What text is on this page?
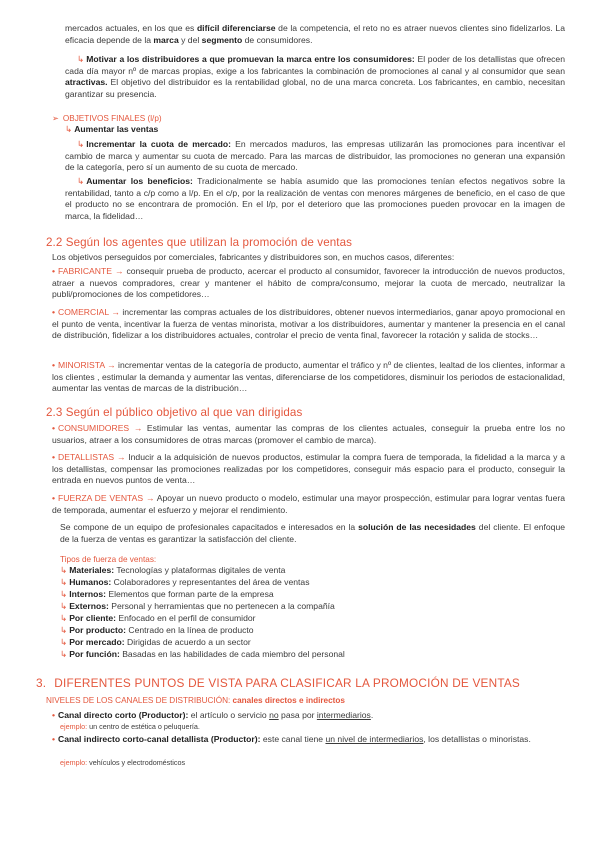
mercados actuales, en los que es difícil diferenciarse de la competencia, el reto no es atraer nuevos clientes sino fidelizarlos. La eficacia depende de la marca y del segmento de consumidores.

↳ Motivar a los distribuidores a que promuevan la marca entre los consumidores: El poder de los detallistas que ofrecen cada día mayor nº de marcas propias, exige a los fabricantes la combinación de promociones al canal y al consumidor que sean atractivas. El objetivo del distribuidor es la rentabilidad global, no de una marca concreta. Los fabricantes, en cambio, necesitan garantizar su presencia.

➢ OBJETIVOS FINALES (l/p)

↳ Aumentar las ventas

↳ Incrementar la cuota de mercado: En mercados maduros, las empresas utilizarán las promociones para incentivar el cambio de marca y aumentar su cuota de mercado. Para las marcas de distribuidor, las promociones no generan una expansión de la categoría, pero sí un aumento de su cuota de mercado.

↳ Aumentar los beneficios: Tradicionalmente se había asumido que las promociones tenían efectos negativos sobre la rentabilidad, tanto a c/p como a l/p. En el c/p, por la realización de ventas con menores márgenes de beneficio, en el caso de que el producto no se encontrara de promoción. En el l/p, por el deterioro que las promociones pueden provocar en la imagen de marca, la fidelidad…

2.2 Según los agentes que utilizan la promoción de ventas

Los objetivos perseguidos por comerciales, fabricantes y distribuidores son, en muchos casos, diferentes:

• FABRICANTE → consequir prueba de producto, acercar el producto al consumidor, favorecer la introducción de nuevos productos, atraer a nuevos compradores, crear y mantener el hábito de compra/consumo, mejorar la cuota de mercado, neutralizar la publi/promociones de los competidores…

• COMERCIAL → incrementar las compras actuales de los distribuidores, obtener nuevos intermediarios, ganar apoyo promocional en el punto de venta, incentivar la fuerza de ventas minorista, motivar a los distribuidores, aumentar y mantener la presencia en el canal de distribución, fidelizar a los distribuidores actuales, controlar el precio de venta final, favorecer la rotación y salida de stocks…

• MINORISTA → incrementar ventas de la categoría de producto, aumentar el tráfico y nº de clientes, lealtad de los clientes, informar a los clientes , estimular la demanda y aumentar las ventas, diferenciarse de los competidores, disminuir los periodos de estacionalidad, aumentar las ventas de marcas de la distribución…

2.3 Según el público objetivo al que van dirigidas

• CONSUMIDORES → Estimular las ventas, aumentar las compras de los clientes actuales, conseguir la prueba entre los no usuarios, atraer a los consumidores de otras marcas (promover el cambio de marca).

• DETALLISTAS → Inducir a la adquisición de nuevos productos, estimular la compra fuera de temporada, la fidelidad a la marca y a los detallistas, compensar las promociones realizadas por los competidores, conseguir más espacio para el producto, conseguir la entrada en nuevos puntos de venta…

• FUERZA DE VENTAS → Apoyar un nuevo producto o modelo, estimular una mayor prospección, estimular para lograr ventas fuera de temporada, aumentar el esfuerzo y mejorar el rendimiento.

Se compone de un equipo de profesionales capacitados e interesados en la solución de las necesidades del cliente. El enfoque de la fuerza de ventas es garantizar la satisfacción del cliente.

Tipos de fuerza de ventas:

↳ Materiales: Tecnologías y plataformas digitales de venta

↳ Humanos: Colaboradores y representantes del área de ventas

↳ Internos: Elementos que forman parte de la empresa

↳ Externos: Personal y herramientas que no pertenecen a la compañía

↳ Por cliente: Enfocado en el perfil de consumidor

↳ Por producto: Centrado en la línea de producto

↳ Por mercado: Dirigidas de acuerdo a un sector

↳ Por función: Basadas en las habilidades de cada miembro del personal

3. DIFERENTES PUNTOS DE VISTA PARA CLASIFICAR LA PROMOCIÓN DE VENTAS

NIVELES DE LOS CANALES DE DISTRIBUCIÓN: canales directos e indirectos

• Canal directo corto (Productor): el artículo o servicio no pasa por intermediarios.

ejemplo: un centro de estética o peluquería.

• Canal indirecto corto-canal detallista (Productor): este canal tiene un nivel de intermediarios, los detallistas o minoristas.

ejemplo: vehículos y electrodomésticos
